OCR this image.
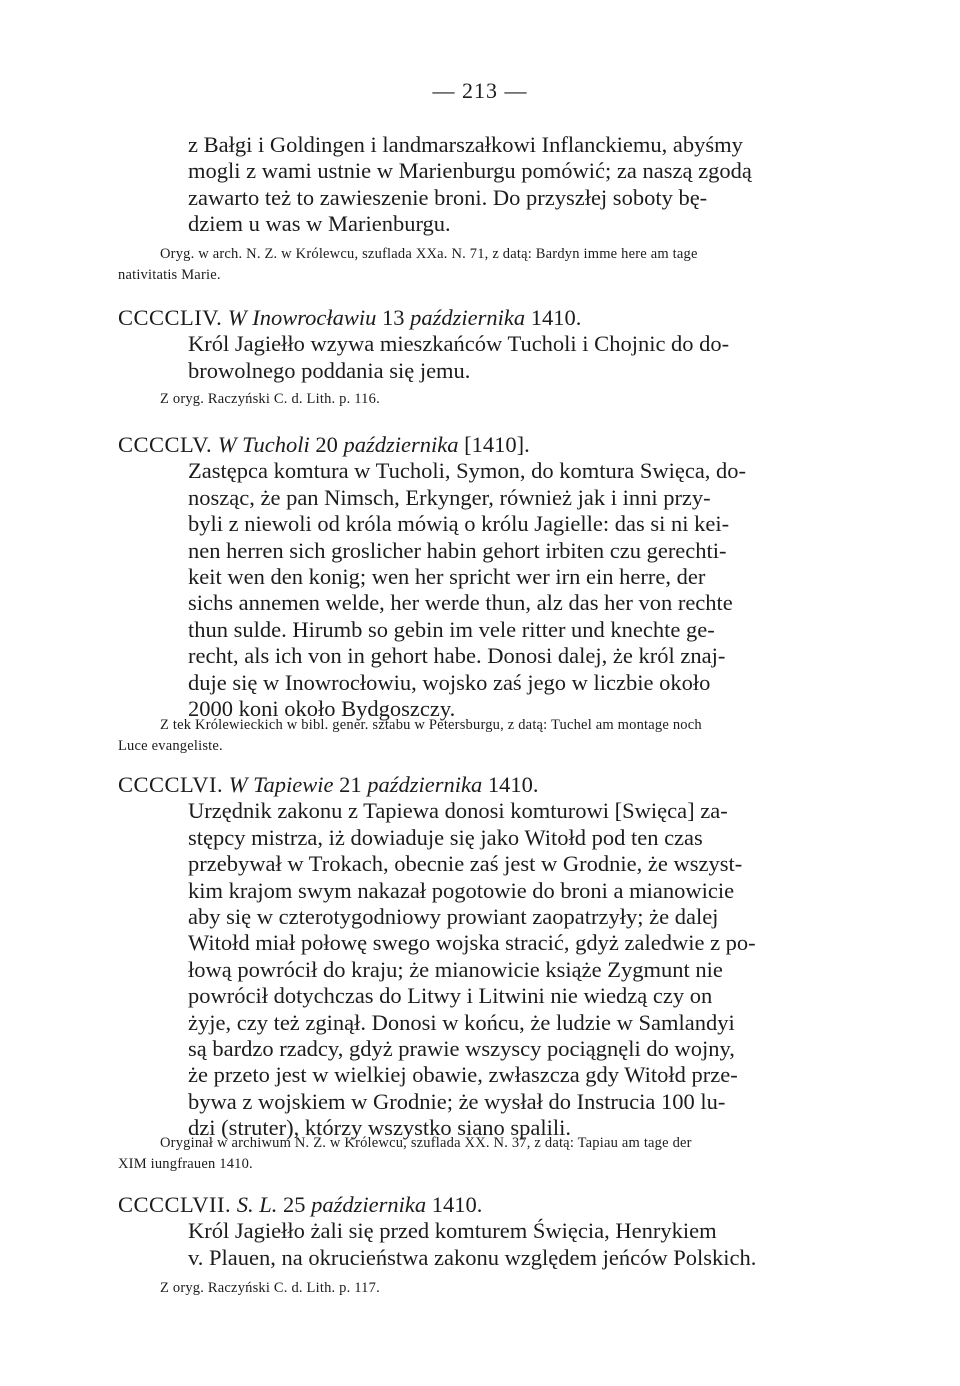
— 213 —
z Bałgi i Goldingen i landmarszałkowi Inflanckiemu, abyśmy
mogli z wami ustnie w Marienburgu pomówić; za naszą zgodą
zawarto też to zawieszenie broni. Do przyszłej soboty bę-
dziem u was w Marienburgu.
Oryg. w arch. N. Z. w Królewcu, szuflada XXa. N. 71, z datą: Bardyn imme here am tage
nativitatis Marie.
CCCCLIV. W Inowrocławiu 13 października 1410.
Król Jagiełło wzywa mieszkańców Tucholi i Chojnic do do-
browolnego poddania się jemu.
Z oryg. Raczyński C. d. Lith. p. 116.
CCCCLV. W Tucholi 20 października [1410].
Zastępca komtura w Tucholi, Symon, do komtura Swięca, do-
nosząc, że pan Nimsch, Erkynger, również jak i inni przy-
byli z niewoli od króla mówią o królu Jagielle: das si ni kei-
nen herren sich groslicher habin gehort irbiten czu gerechti-
keit wen den konig; wen her spricht wer irn ein herre, der
sichs annemen welde, her werde thun, alz das her von rechte
thun sulde. Hirumb so gebin im vele ritter und knechte ge-
recht, als ich von in gehort habe. Donosi dalej, że król znaj-
duje się w Inowrocłowiu, wojsko zaś jego w liczbie około
2000 koni około Bydgoszczy.
Z tek Królewieckich w bibl. gener. sztabu w Petersburgu, z datą: Tuchel am montage noch
Luce evangeliste.
CCCCLVI. W Tapiewie 21 października 1410.
Urzędnik zakonu z Tapiewa donosi komturowi [Swięca] za-
stępcy mistrza, iż dowiaduje się jako Witołd pod ten czas
przebywał w Trokach, obecnie zaś jest w Grodnie, że wszyst-
kim krajom swym nakazał pogotowie do broni a mianowicie
aby się w czterotygodniowy prowiant zaopatrzyły; że dalej
Witołd miał połowę swego wojska stracić, gdyż zaledwie z po-
łową powrócił do kraju; że mianowicie książe Zygmunt nie
powrócił dotychczas do Litwy i Litwini nie wiedzą czy on
żyje, czy też zginął. Donosi w końcu, że ludzie w Samlandyi
są bardzo rzadcy, gdyż prawie wszyscy pociągnęli do wojny,
że przeto jest w wielkiej obawie, zwłaszcza gdy Witołd prze-
bywa z wojskiem w Grodnie; że wysłał do Instrucia 100 lu-
dzi (struter), którzy wszystko siano spalili.
Oryginał w archiwum N. Z. w Królewcu, szuflada XX. N. 37, z datą: Tapiau am tage der
XIM iungfrauen 1410.
CCCCLVII. S. L. 25 października 1410.
Król Jagiełło żali się przed komturem Święcia, Henrykiem
v. Plauen, na okrucieństwa zakonu względem jeńców Polskich.
Z oryg. Raczyński C. d. Lith. p. 117.
